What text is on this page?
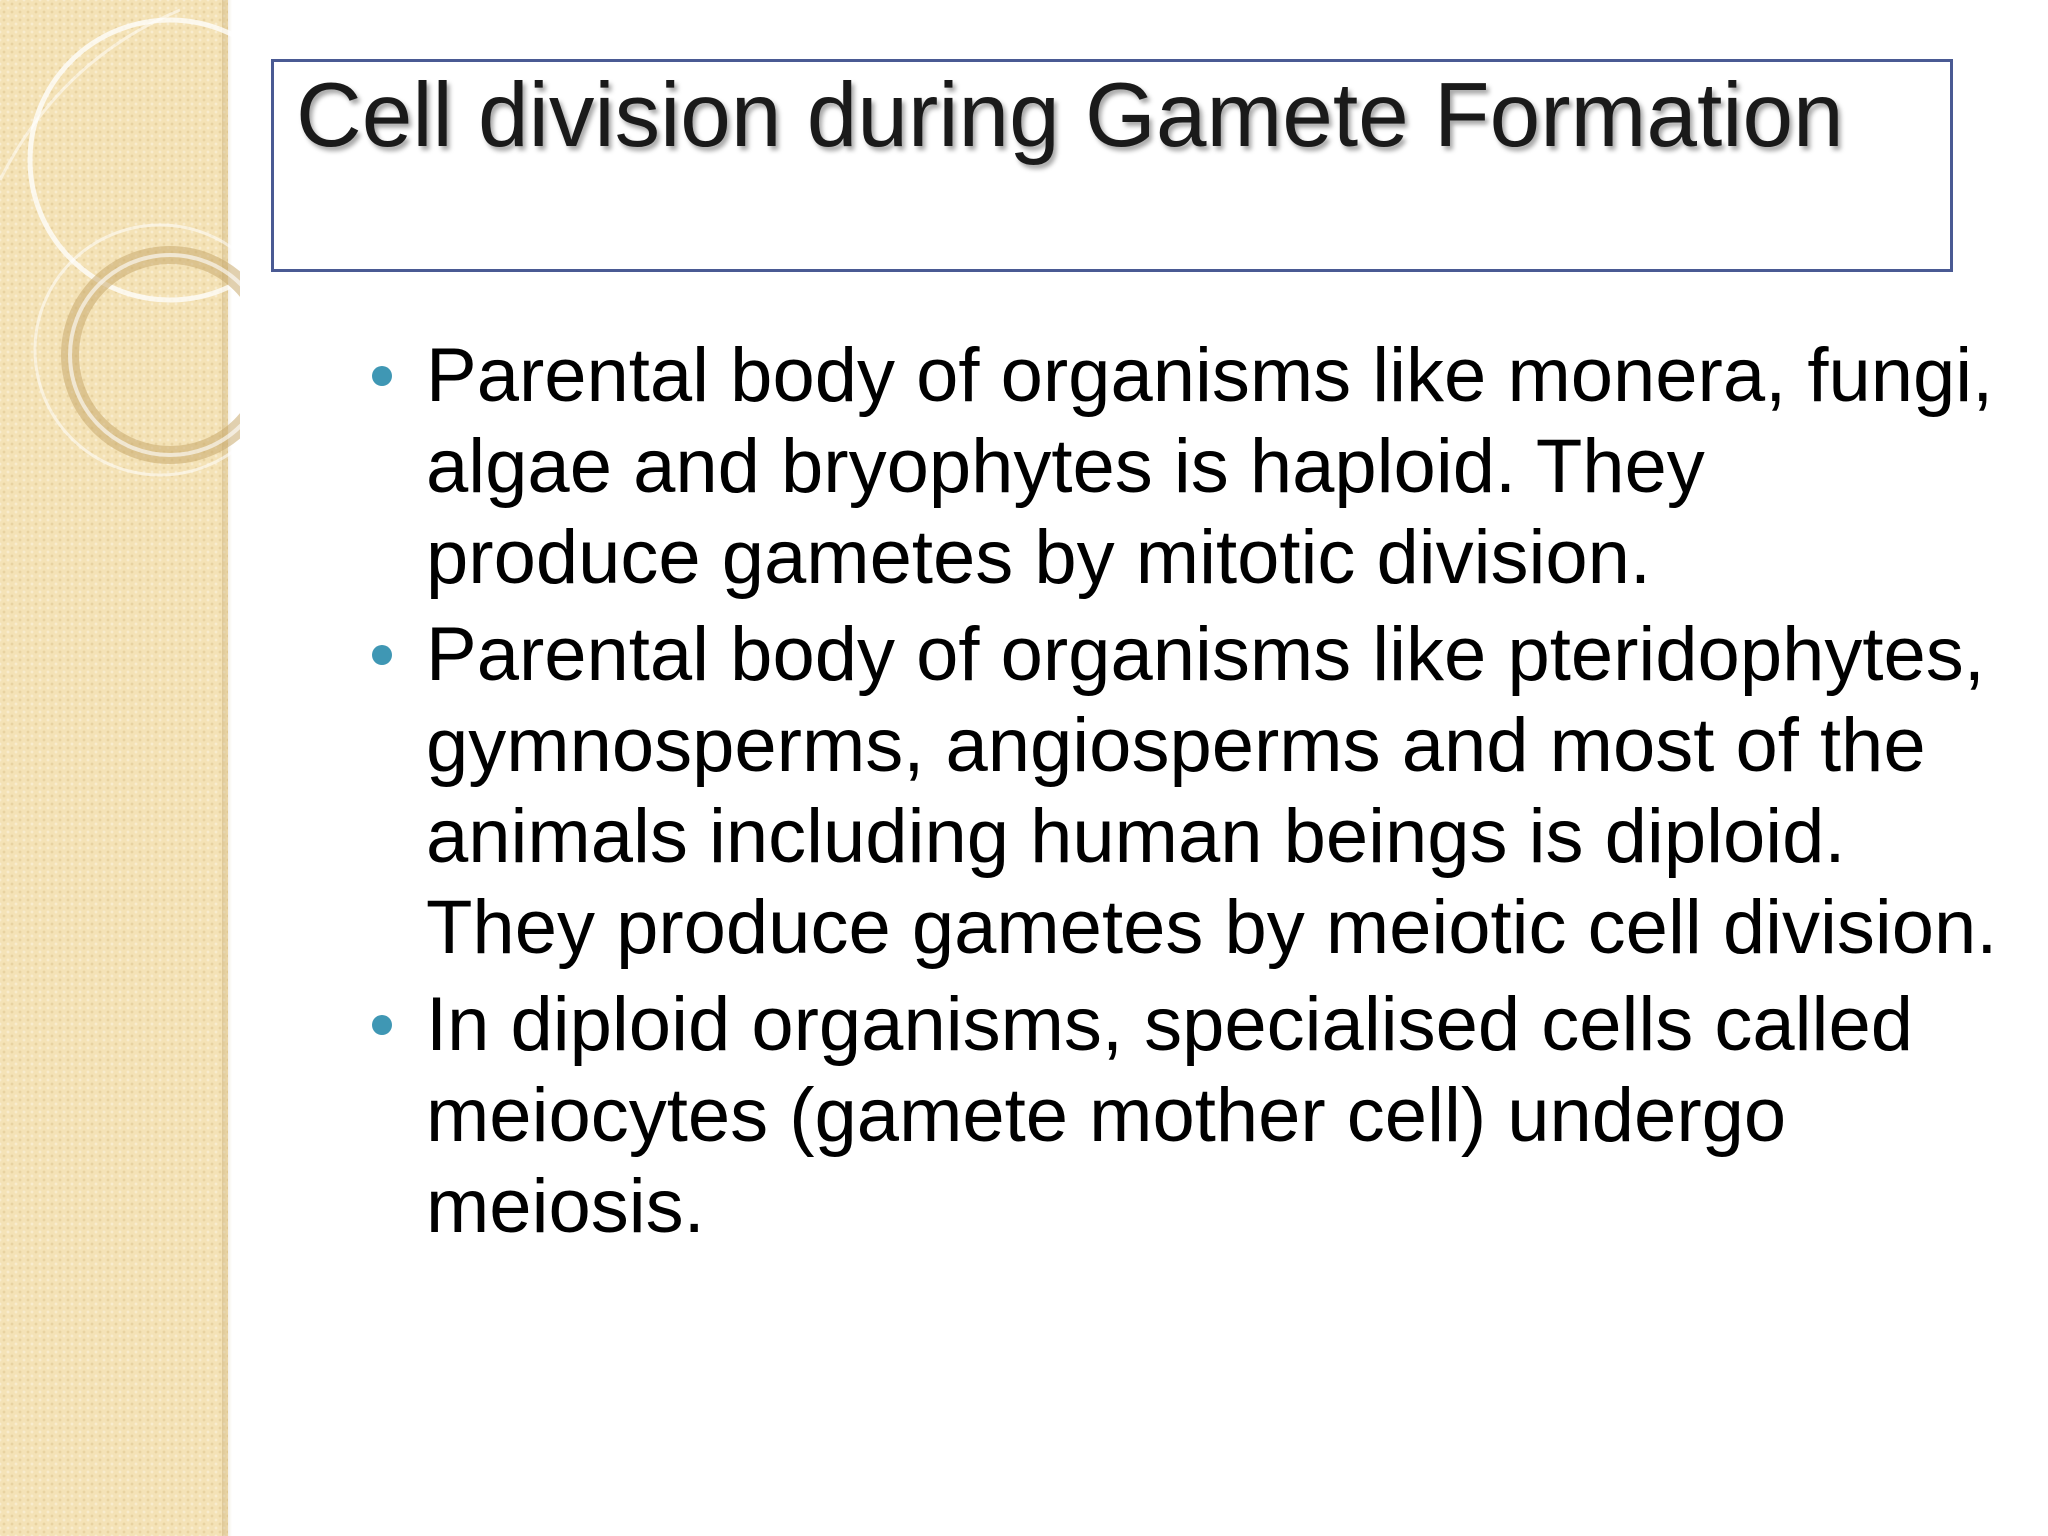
Cell division during Gamete Formation
Parental body of organisms like monera, fungi, algae and bryophytes is haploid. They produce gametes by mitotic division.
Parental body of organisms like pteridophytes, gymnosperms, angiosperms and most of the animals including human beings is diploid. They produce gametes by meiotic cell division.
In diploid organisms, specialised cells called meiocytes (gamete mother cell) undergo meiosis.
